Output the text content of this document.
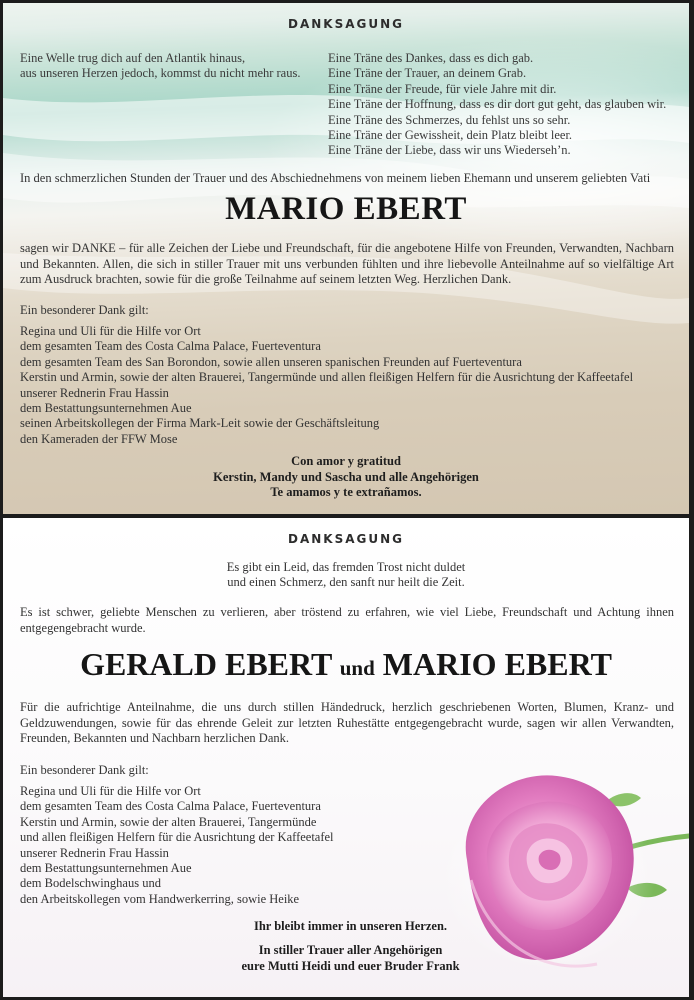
DANKSAGUNG
Eine Welle trug dich auf den Atlantik hinaus,
aus unseren Herzen jedoch, kommst du nicht mehr raus.
Eine Träne des Dankes, dass es dich gab.
Eine Träne der Trauer, an deinem Grab.
Eine Träne der Freude, für viele Jahre mit dir.
Eine Träne der Hoffnung, dass es dir dort gut geht, das glauben wir.
Eine Träne des Schmerzes, du fehlst uns so sehr.
Eine Träne der Gewissheit, dein Platz bleibt leer.
Eine Träne der Liebe, dass wir uns Wiederseh’n.
In den schmerzlichen Stunden der Trauer und des Abschiednehmens von meinem lieben Ehemann und unserem geliebten Vati
MARIO EBERT
sagen wir DANKE – für alle Zeichen der Liebe und Freundschaft, für die angebotene Hilfe von Freunden, Verwandten, Nachbarn und Bekannten. Allen, die sich in stiller Trauer mit uns verbunden fühlten und ihre liebevolle Anteilnahme auf so vielfältige Art zum Ausdruck brachten, sowie für die große Teilnahme auf seinem letzten Weg. Herzlichen Dank.
Ein besonderer Dank gilt:
Regina und Uli für die Hilfe vor Ort
dem gesamten Team des Costa Calma Palace, Fuerteventura
dem gesamten Team des San Borondon, sowie allen unseren spanischen Freunden auf Fuerteventura
Kerstin und Armin, sowie der alten Brauerei, Tangermünde und allen fleißigen Helfern für die Ausrichtung der Kaffeetafel
unserer Rednerin Frau Hassin
dem Bestattungsunternehmen Aue
seinen Arbeitskollegen der Firma Mark-Leit sowie der Geschäftsleitung
den Kameraden der FFW Mose
Con amor y gratitud
Kerstin, Mandy und Sascha und alle Angehörigen
Te amamos y te extrañamos.
DANKSAGUNG
Es gibt ein Leid, das fremden Trost nicht duldet
und einen Schmerz, den sanft nur heilt die Zeit.
Es ist schwer, geliebte Menschen zu verlieren, aber tröstend zu erfahren, wie viel Liebe, Freundschaft und Achtung ihnen entgegengebracht wurde.
GERALD EBERT und MARIO EBERT
Für die aufrichtige Anteilnahme, die uns durch stillen Händedruck, herzlich geschriebenen Worten, Blumen, Kranz- und Geldzuwendungen, sowie für das ehrende Geleit zur letzten Ruhestätte entgegengebracht wurde, sagen wir allen Verwandten, Freunden, Bekannten und Nachbarn herzlichen Dank.
Ein besonderer Dank gilt:
Regina und Uli für die Hilfe vor Ort
dem gesamten Team des Costa Calma Palace, Fuerteventura
Kerstin und Armin, sowie der alten Brauerei, Tangermünde
und allen fleißigen Helfern für die Ausrichtung der Kaffeetafel
unserer Rednerin Frau Hassin
dem Bestattungsunternehmen Aue
dem Bodelschwinghaus und
den Arbeitskollegen vom Handwerkerring, sowie Heike
Ihr bleibt immer in unseren Herzen.
In stiller Trauer aller Angehörigen
eure Mutti Heidi und euer Bruder Frank
